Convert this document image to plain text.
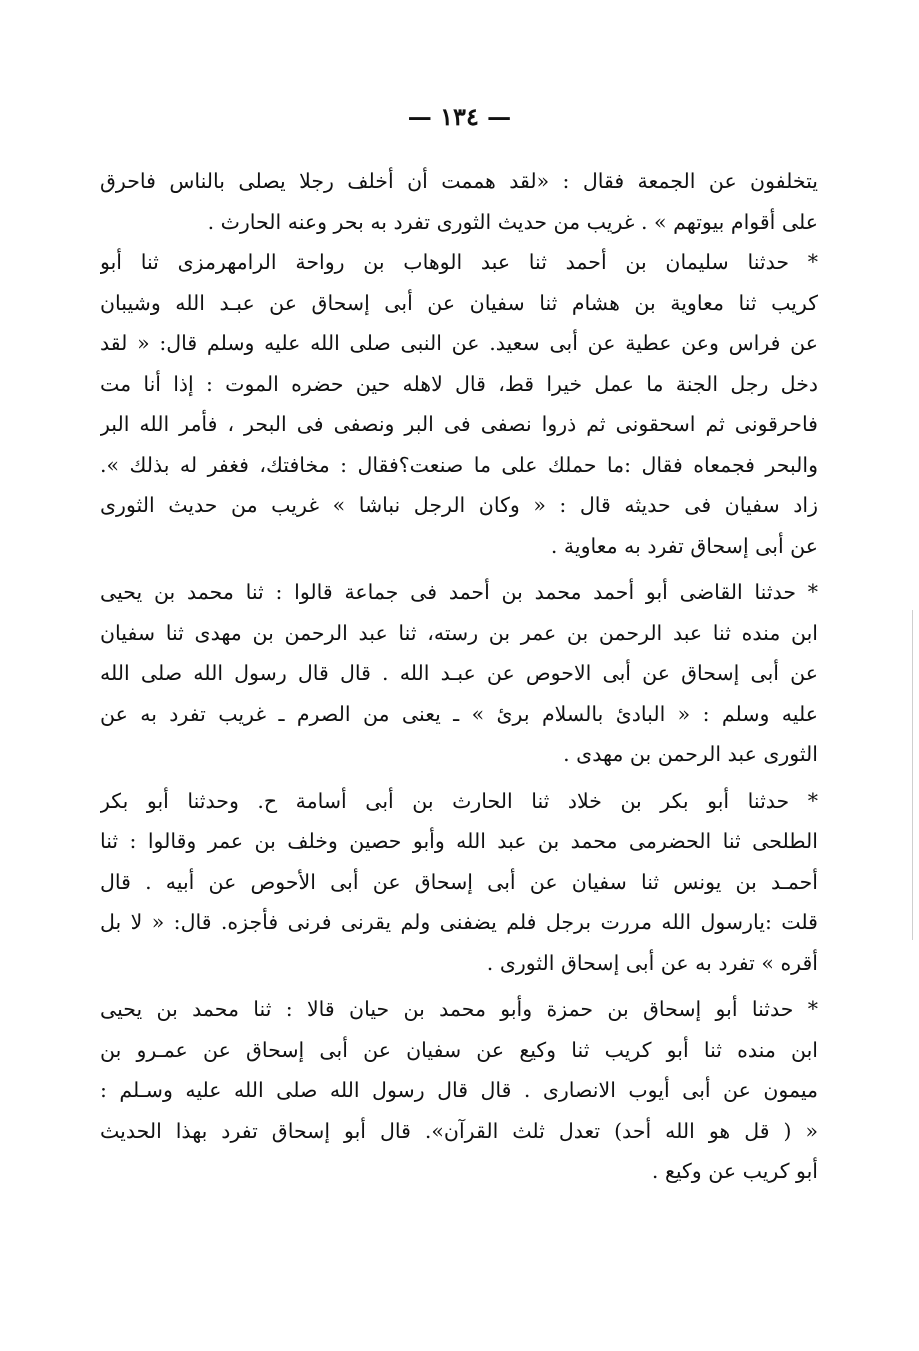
— ١٣٤ —
يتخلفون عن الجمعة فقال : «لقد هممت أن أخلف رجلا يصلى بالناس فاحرق
على أقوام بيوتهم » . غريب من حديث الثورى تفرد به بحر وعنه الحارث .
* حدثنا سليمان بن أحمد ثنا عبد الوهاب بن رواحة الرامهرمزى ثنا أبو
كريب ثنا معاوية بن هشام ثنا سفيان عن أبى إسحاق عن عبـد الله وشيبان
عن فراس وعن عطية عن أبى سعيد. عن النبى صلى الله عليه وسلم قال: « لقد
دخل رجل الجنة ما عمل خيرا قط، قال لاهله حين حضره الموت : إذا أنا مت
فاحرقونى ثم اسحقونى ثم ذروا نصفى فى البر ونصفى فى البحر ، فأمر الله البر
والبحر فجمعاه فقال :ما حملك على ما صنعت؟فقال : مخافتك، فغفر له بذلك ».
زاد سفيان فى حديثه قال : « وكان الرجل نباشا » غريب من حديث الثورى
عن أبى إسحاق تفرد به معاوية .
* حدثنا القاضى أبو أحمد محمد بن أحمد فى جماعة قالوا : ثنا محمد بن يحيى
ابن منده ثنا عبد الرحمن بن عمر بن رسته، ثنا عبد الرحمن بن مهدى ثنا سفيان
عن أبى إسحاق عن أبى الاحوص عن عبـد الله . قال قال رسول الله صلى الله
عليه وسلم : « البادئ بالسلام برئ » ـ يعنى من الصرم ـ غريب تفرد به عن
الثورى عبد الرحمن بن مهدى .
* حدثنا أبو بكر بن خلاد ثنا الحارث بن أبى أسامة ح. وحدثنا أبو بكر
الطلحى ثنا الحضرمى محمد بن عبد الله وأبو حصين وخلف بن عمر وقالوا : ثنا
أحمـد بن يونس ثنا سفيان عن أبى إسحاق عن أبى الأحوص عن أبيه . قال
قلت :يارسول الله مررت برجل فلم يضفنى ولم يقرنى فرنى فأجزه. قال: « لا بل
أقره » تفرد به عن أبى إسحاق الثورى .
* حدثنا أبو إسحاق بن حمزة وأبو محمد بن حيان قالا : ثنا محمد بن يحيى
ابن منده ثنا أبو كريب ثنا وكيع عن سفيان عن أبى إسحاق عن عمـرو بن
ميمون عن أبى أيوب الانصارى . قال قال رسول الله صلى الله عليه وسـلم :
« ( قل هو الله أحد) تعدل ثلث القرآن». قال أبو إسحاق تفرد بهذا الحديث
أبو كريب عن وكيع .
